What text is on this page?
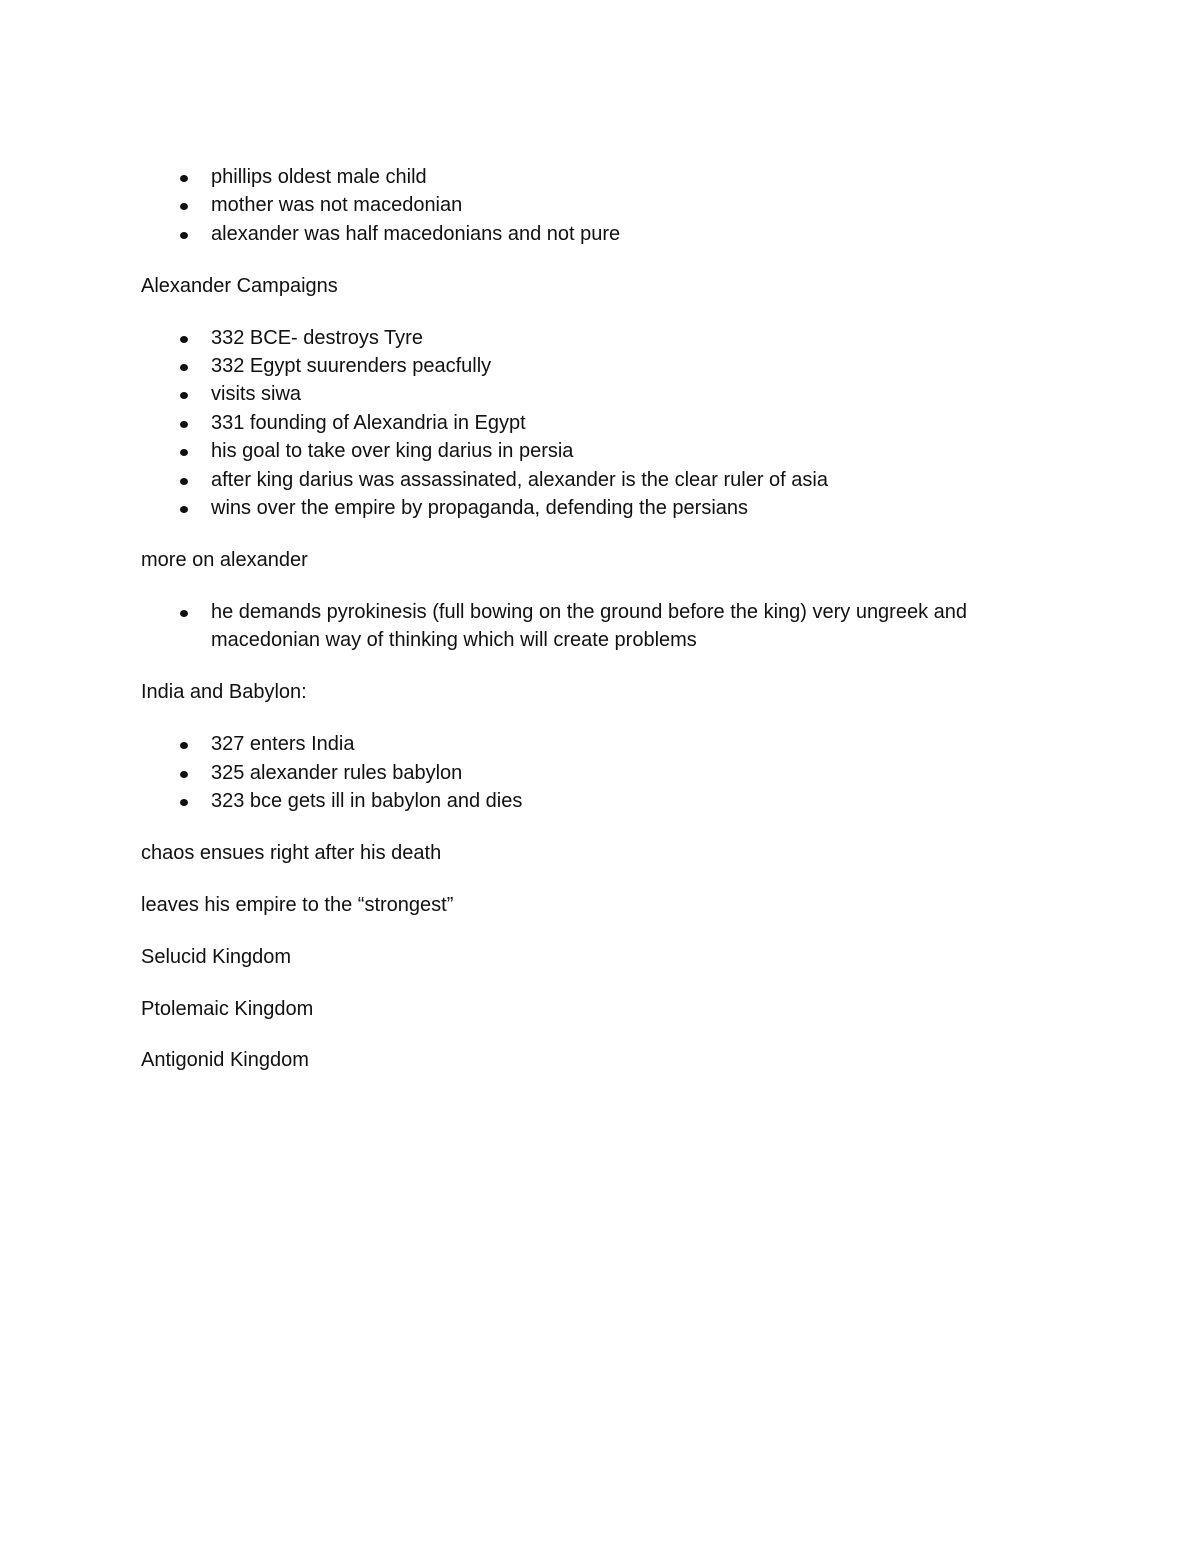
phillips oldest male child
mother was not macedonian
alexander was half macedonians and not pure

Alexander Campaigns

332 BCE- destroys Tyre
332 Egypt suurenders peacfully
visits siwa
331 founding of Alexandria in Egypt
his goal to take over king darius in persia
after king darius was assassinated, alexander is the clear ruler of asia
wins over the empire by propaganda, defending the persians

more on alexander

he demands pyrokinesis (full bowing on the ground before the king) very ungreek and macedonian way of thinking which will create problems

India and Babylon:

327 enters India
325 alexander rules babylon
323 bce gets ill in babylon and dies

chaos ensues right after his death

leaves his empire to the “strongest”

Selucid Kingdom

Ptolemaic Kingdom

Antigonid Kingdom
